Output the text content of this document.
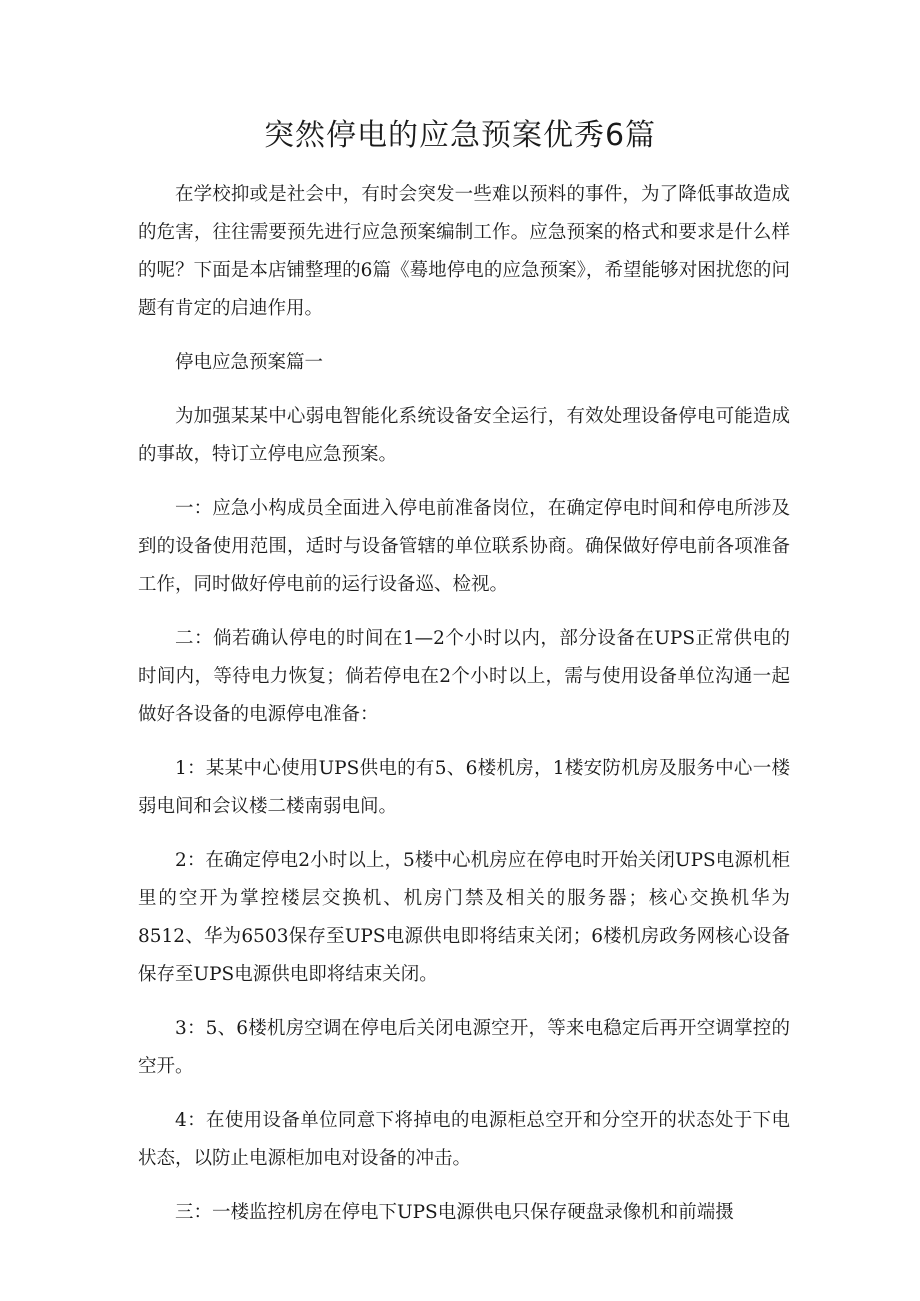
突然停电的应急预案优秀6篇

在学校抑或是社会中，有时会突发一些难以预料的事件，为了降低事故造成的危害，往往需要预先进行应急预案编制工作。应急预案的格式和要求是什么样的呢？下面是本店铺整理的6篇《蓦地停电的应急预案》，希望能够对困扰您的问题有肯定的启迪作用。

停电应急预案篇一

为加强某某中心弱电智能化系统设备安全运行，有效处理设备停电可能造成的事故，特订立停电应急预案。

一：应急小构成员全面进入停电前准备岗位，在确定停电时间和停电所涉及到的设备使用范围，适时与设备管辖的单位联系协商。确保做好停电前各项准备工作，同时做好停电前的运行设备巡、检视。

二：倘若确认停电的时间在1—2个小时以内，部分设备在UPS正常供电的时间内，等待电力恢复；倘若停电在2个小时以上，需与使用设备单位沟通一起做好各设备的电源停电准备：

1：某某中心使用UPS供电的有5、6楼机房，1楼安防机房及服务中心一楼弱电间和会议楼二楼南弱电间。

2：在确定停电2小时以上，5楼中心机房应在停电时开始关闭UPS电源机柜里的空开为掌控楼层交换机、机房门禁及相关的服务器；核心交换机华为8512、华为6503保存至UPS电源供电即将结束关闭；6楼机房政务网核心设备保存至UPS电源供电即将结束关闭。

3：5、6楼机房空调在停电后关闭电源空开，等来电稳定后再开空调掌控的空开。

4：在使用设备单位同意下将掉电的电源柜总空开和分空开的状态处于下电状态，以防止电源柜加电对设备的冲击。

三：一楼监控机房在停电下UPS电源供电只保存硬盘录像机和前端摄
